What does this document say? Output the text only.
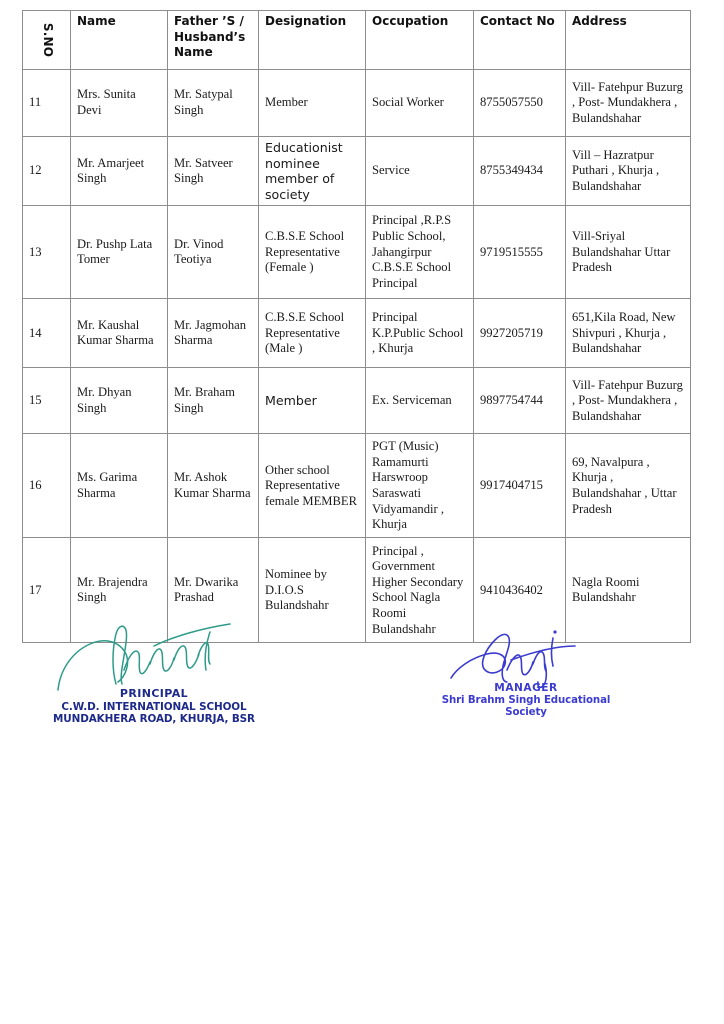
S.NO	Name	Father ’S / Husband’s Name	Designation	Occupation	Contact No	Address
11	Mrs. Sunita Devi	Mr. Satypal Singh	Member	Social Worker	8755057550	Vill- Fatehpur Buzurg , Post- Mundakhera , Bulandshahar
12	Mr. Amarjeet Singh	Mr. Satveer Singh	Educationist nominee member of society	Service	8755349434	Vill – Hazratpur Puthari , Khurja , Bulandshahar
13	Dr. Pushp Lata Tomer	Dr. Vinod Teotiya	C.B.S.E School Representative (Female )	Principal ,R.P.S Public School, Jahangirpur C.B.S.E School Principal	9719515555	Vill-Sriyal Bulandshahar Uttar Pradesh
14	Mr. Kaushal Kumar Sharma	Mr. Jagmohan Sharma	C.B.S.E School Representative (Male )	Principal K.P.Public School , Khurja	9927205719	651,Kila Road, New Shivpuri , Khurja , Bulandshahar
15	Mr. Dhyan Singh	Mr. Braham Singh	Member	Ex. Serviceman	9897754744	Vill- Fatehpur Buzurg , Post- Mundakhera , Bulandshahar
16	Ms. Garima Sharma	Mr. Ashok Kumar Sharma	Other school Representative female MEMBER	PGT (Music) Ramamurti Harswroop Saraswati Vidyamandir , Khurja	9917404715	69, Navalpura , Khurja , Bulandshahar , Uttar Pradesh
17	Mr. Brajendra Singh	Mr. Dwarika Prashad	Nominee by D.I.O.S Bulandshahr	Principal , Government Higher Secondary School Nagla Roomi Bulandshahr	9410436402	Nagla Roomi Bulandshahr
PRINCIPAL
C.W.D. INTERNATIONAL SCHOOL
MUNDAKHERA ROAD, KHURJA, BSR
MANAGER
Shri Brahm Singh Educational
Society
